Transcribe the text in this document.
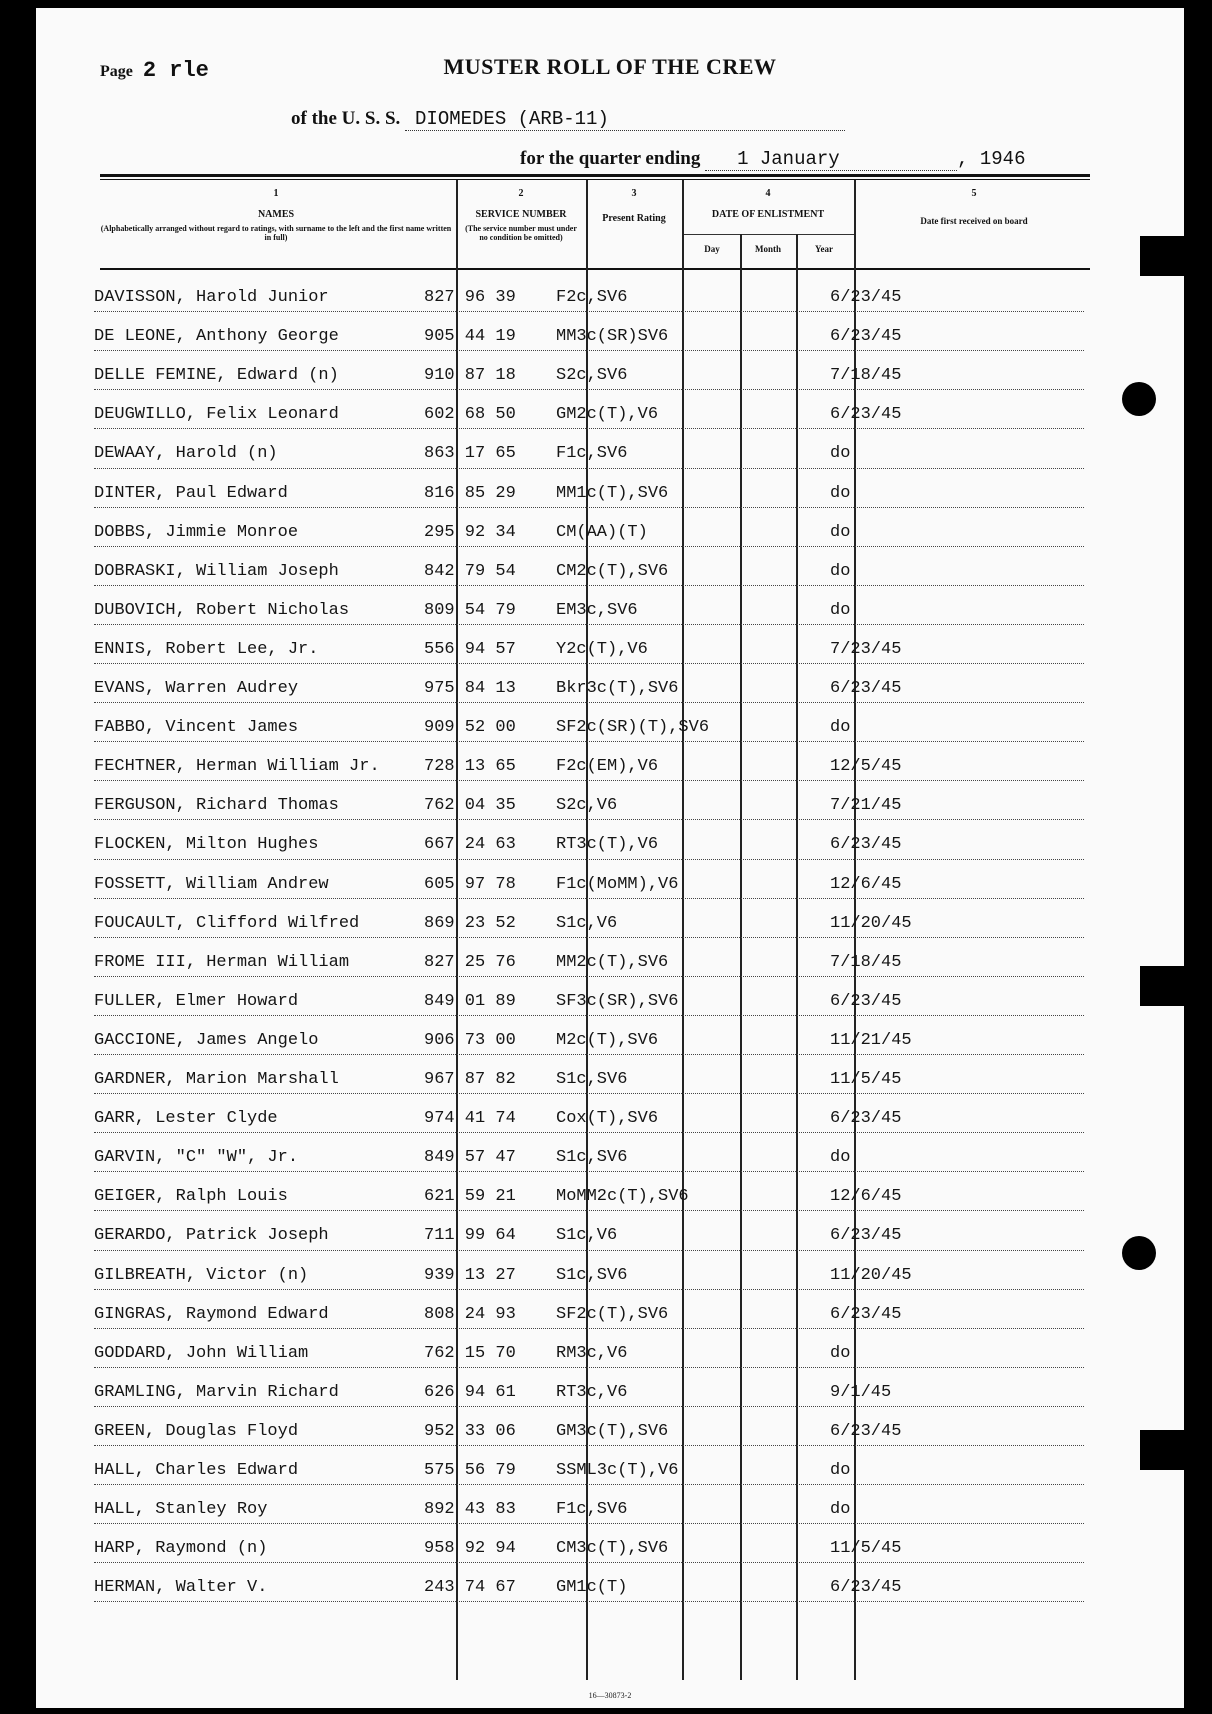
Page 2 rle	MUSTER ROLL OF THE CREW
of the U. S. S. DIOMEDES (ARB-11)
for the quarter ending 1 January	, 1946
1
NAMES
(Alphabetically arranged without regard to ratings, with surname to the left and the first name written in full)
2
SERVICE NUMBER
(The service number must under no condition be omitted)
3
Present Rating
4
DATE OF ENLISTMENT
Day	Month	Year
5
Date first received on board
DAVISSON, Harold Junior	827 96 39 F2c,SV6	6/23/45
DE LEONE, Anthony George	905 44 19 MM3c(SR)SV6	6/23/45
DELLE FEMINE, Edward (n)	910 87 18 S2c,SV6	7/18/45
DEUGWILLO, Felix Leonard	602 68 50 GM2c(T),V6	6/23/45
DEWAAY, Harold (n)	863 17 65 F1c,SV6	do
DINTER, Paul Edward	816 85 29 MM1c(T),SV6	do
DOBBS, Jimmie Monroe	295 92 34 CM(AA)(T)	do
DOBRASKI, William Joseph	842 79 54 CM2c(T),SV6	do
DUBOVICH, Robert Nicholas	809 54 79 EM3c,SV6	do
ENNIS, Robert Lee, Jr.	556 94 57 Y2c(T),V6	7/23/45
EVANS, Warren Audrey	975 84 13 Bkr3c(T),SV6	6/23/45
FABBO, Vincent James	909 52 00 SF2c(SR)(T),SV6	do
FECHTNER, Herman William Jr.	728 13 65 F2c(EM),V6	12/5/45
FERGUSON, Richard Thomas	762 04 35 S2c,V6	7/21/45
FLOCKEN, Milton Hughes	667 24 63 RT3c(T),V6	6/23/45
FOSSETT, William Andrew	605 97 78 F1c(MoMM),V6	12/6/45
FOUCAULT, Clifford Wilfred	869 23 52 S1c,V6	11/20/45
FROME III, Herman William	827 25 76 MM2c(T),SV6	7/18/45
FULLER, Elmer Howard	849 01 89 SF3c(SR),SV6	6/23/45
GACCIONE, James Angelo	906 73 00 M2c(T),SV6	11/21/45
GARDNER, Marion Marshall	967 87 82 S1c,SV6	11/5/45
GARR, Lester Clyde	974 41 74 Cox(T),SV6	6/23/45
GARVIN, "C" "W", Jr.	849 57 47 S1c,SV6	do
GEIGER, Ralph Louis	621 59 21 MoMM2c(T),SV6	12/6/45
GERARDO, Patrick Joseph	711 99 64 S1c,V6	6/23/45
GILBREATH, Victor (n)	939 13 27 S1c,SV6	11/20/45
GINGRAS, Raymond Edward	808 24 93 SF2c(T),SV6	6/23/45
GODDARD, John William	762 15 70 RM3c,V6	do
GRAMLING, Marvin Richard	626 94 61 RT3c,V6	9/1/45
GREEN, Douglas Floyd	952 33 06 GM3c(T),SV6	6/23/45
HALL, Charles Edward	575 56 79 SSML3c(T),V6	do
HALL, Stanley Roy	892 43 83 F1c,SV6	do
HARP, Raymond (n)	958 92 94 CM3c(T),SV6	11/5/45
HERMAN, Walter V.	243 74 67 GM1c(T)	6/23/45
16—30873-2
